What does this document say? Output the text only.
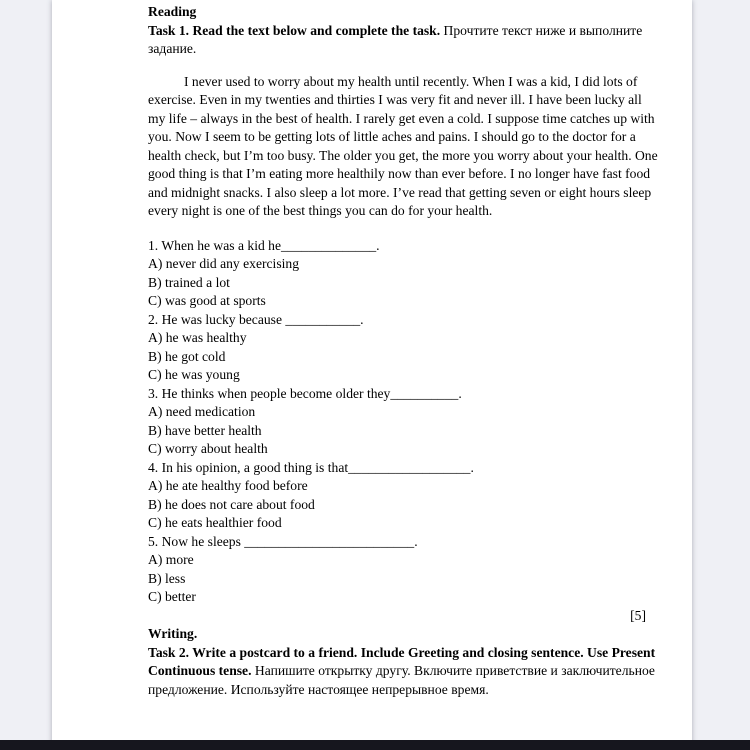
Reading

Task 1. Read the text below and complete the task. Прочтите текст ниже и выполните задание.

I never used to worry about my health until recently. When I was a kid, I did lots of exercise. Even in my twenties and thirties I was very fit and never ill. I have been lucky all my life – always in the best of health. I rarely get even a cold. I suppose time catches up with you. Now I seem to be getting lots of little aches and pains. I should go to the doctor for a health check, but I’m too busy. The older you get, the more you worry about your health. One good thing is that I’m eating more healthily now than ever before. I no longer have fast food and midnight snacks. I also sleep a lot more. I’ve read that getting seven or eight hours sleep every night is one of the best things you can do for your health.

1. When he was a kid he______________.

A) never did any exercising

B) trained a lot

C) was good at sports

2. He was lucky because ___________.

A) he was healthy

B) he got cold

C) he was young

3. He thinks when people become older they__________.

A) need medication

B) have better health

C) worry about health

4. In his opinion, a good thing is that__________________.

A) he ate healthy food before

B) he does not care about food

C) he eats healthier food

5. Now he sleeps _________________________.

A) more

B) less

C) better

[5]

Writing.

Task 2. Write a postcard to a friend. Include Greeting and closing sentence. Use Present Continuous tense. Напишите открытку другу. Включите приветствие и заключительное предложение. Используйте настоящее непрерывное время.
